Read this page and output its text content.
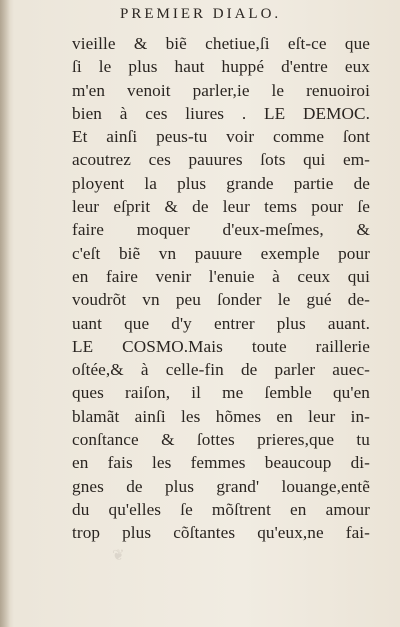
PREMIER DIALO.
vieille & biẽ chetiue,ſi eſt-ce que
ſi le plus haut huppé d'entre eux
m'en venoit parler,ie le renuoiroi
bien à ces liures . LE DEMOC.
Et ainſi peus-tu voir comme ſont
acoutrez ces pauures ſots qui em-
ployent la plus grande partie de
leur eſprit & de leur tems pour ſe
faire moquer d'eux-meſmes, &
c'eſt biẽ vn pauure exemple pour
en faire venir l'enuie à ceux qui
voudrõt vn peu ſonder le gué de-
uant que d'y entrer plus auant.
LE COSMO.Mais toute raillerie
oſtée,& à celle-fin de parler auec-
ques raiſon, il me ſemble qu'en
blamãt ainſi les hõmes en leur in-
conſtance & ſottes prieres,que tu
en fais les femmes beaucoup di-
gnes de plus grand' louange,entẽ
du qu'elles ſe mõſtrent en amour
trop plus cõſtantes qu'eux,ne fai-
❦
